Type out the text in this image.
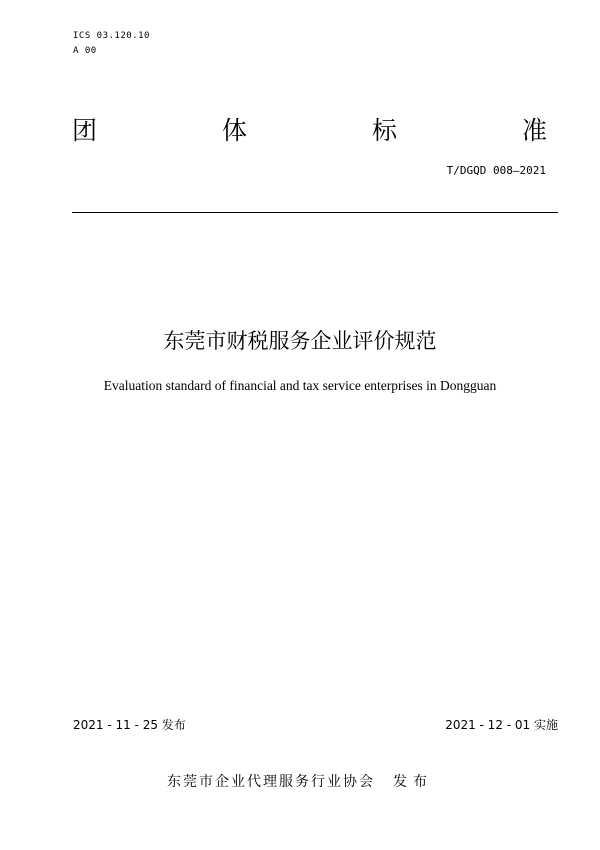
ICS 03.120.10

A 00

团	体	标	准

T/DGQD 008—2021

东莞市财税服务企业评价规范

Evaluation standard of financial and tax service enterprises in Dongguan

2021 - 11 - 25 发布	2021 - 12 - 01 实施

东莞市企业代理服务行业协会 发布
